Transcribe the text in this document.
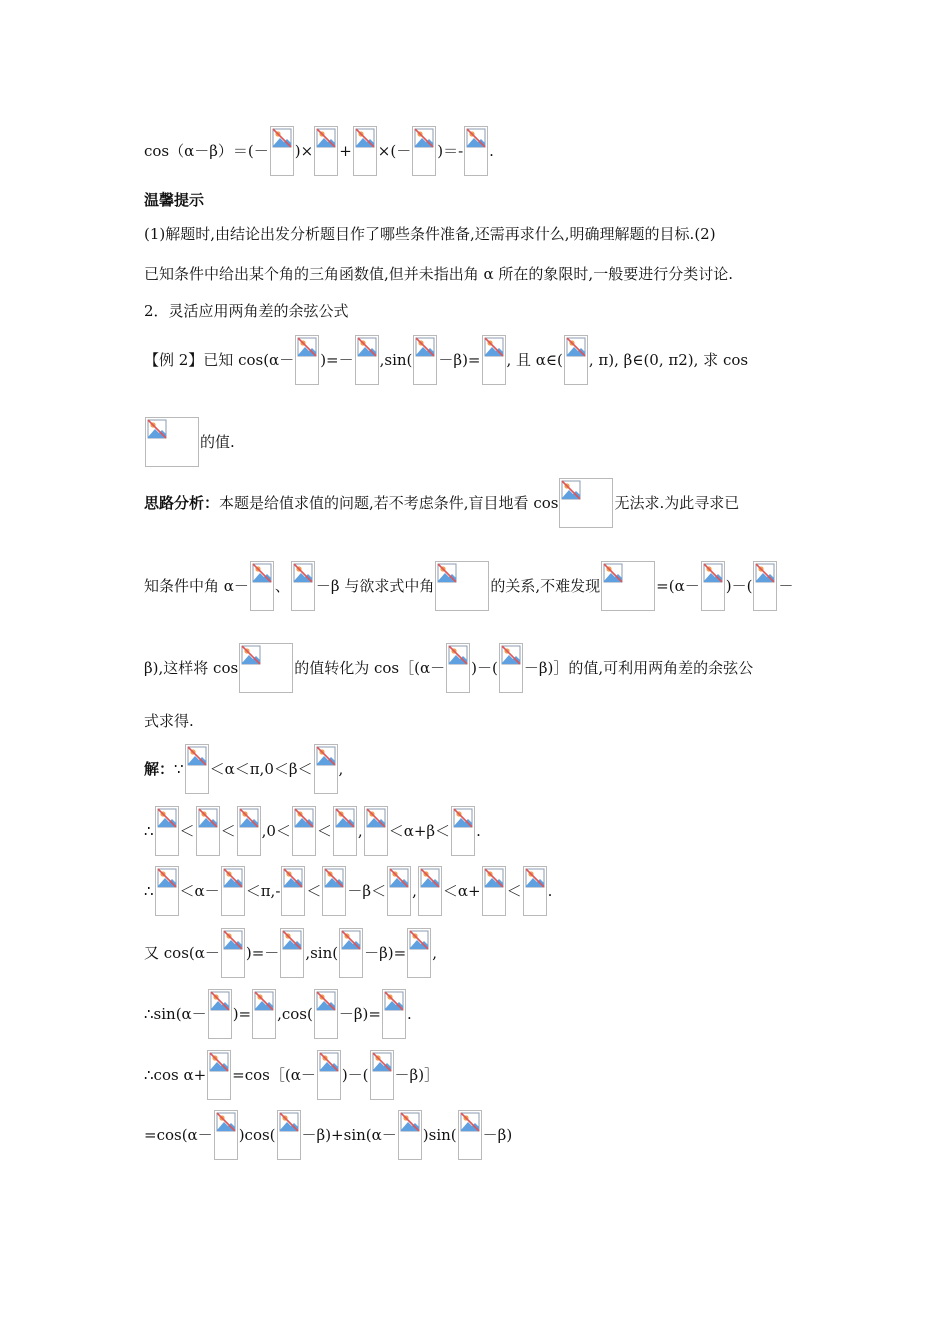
cos（α－β）＝(－ )× + ×(－ )＝- .
温馨提示
(1)解题时,由结论出发分析题目作了哪些条件准备,还需再求什么,明确理解题的目标.(2)
已知条件中给出某个角的三角函数值,但并未指出角 α 所在的象限时,一般要进行分类讨论.
2．灵活应用两角差的余弦公式
【例 2】已知 cos(α－ )=－ ,sin( －β)= , 且 α∈( , π), β∈(0, π2), 求 cos
的值.
思路分析：本题是给值求值的问题,若不考虑条件,盲目地看 cos	无法求.为此寻求已
知条件中角 α－ 、 －β 与欲求式中角	的关系,不难发现	=(α－ )－( －
β),这样将 cos	的值转化为 cos［(α－ )－( －β)］的值,可利用两角差的余弦公
式求得.
解：∵ ＜α＜π,0＜β＜ ,
∴
＜ ＜ ,0＜ ＜ , ＜α+β＜ .
∴ ＜α－ ＜π,- ＜ －β＜ , ＜α+ ＜ .
又 cos(α－ )=－
,sin( －β)= ,
∴sin(α－ )= ,cos( －β)= .
∴cos α+ =cos［(α－ )－( －β)］
=cos(α－ )cos( －β)+sin(α－ )sin( －β)
